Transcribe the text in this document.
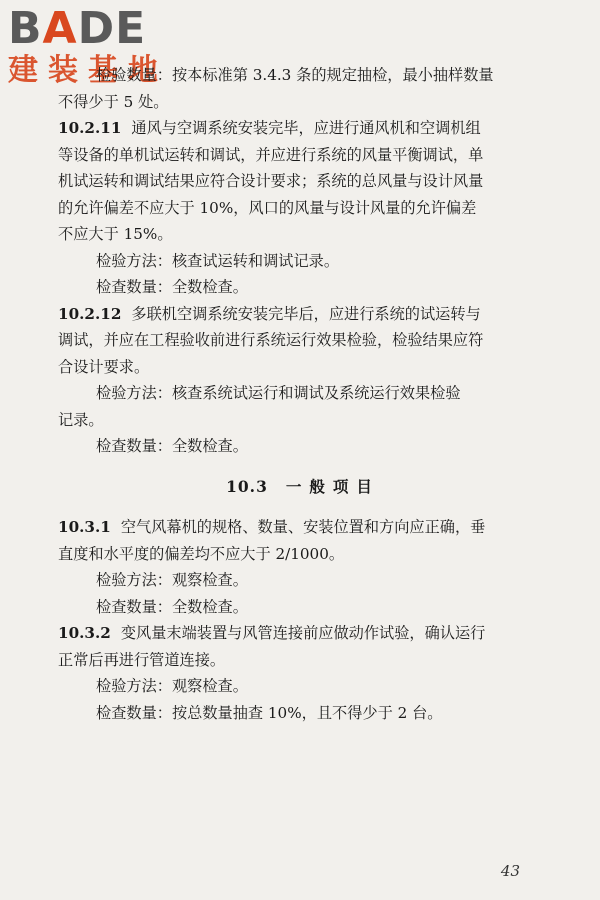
BADE
建装基地
检验数量：按本标准第 3.4.3 条的规定抽检，最小抽样数量
不得少于 5 处。
10.2.11 通风与空调系统安装完毕，应进行通风机和空调机组
等设备的单机试运转和调试，并应进行系统的风量平衡调试，单
机试运转和调试结果应符合设计要求；系统的总风量与设计风量
的允许偏差不应大于 10%，风口的风量与设计风量的允许偏差
不应大于 15%。
检验方法：核查试运转和调试记录。
检查数量：全数检查。
10.2.12 多联机空调系统安装完毕后，应进行系统的试运转与
调试，并应在工程验收前进行系统运行效果检验，检验结果应符
合设计要求。
检验方法：核查系统试运行和调试及系统运行效果检验
记录。
检查数量：全数检查。
10.3 一般项目
10.3.1 空气风幕机的规格、数量、安装位置和方向应正确，垂
直度和水平度的偏差均不应大于 2/1000。
检验方法：观察检查。
检查数量：全数检查。
10.3.2 变风量末端装置与风管连接前应做动作试验，确认运行
正常后再进行管道连接。
检验方法：观察检查。
检查数量：按总数量抽查 10%，且不得少于 2 台。
43
